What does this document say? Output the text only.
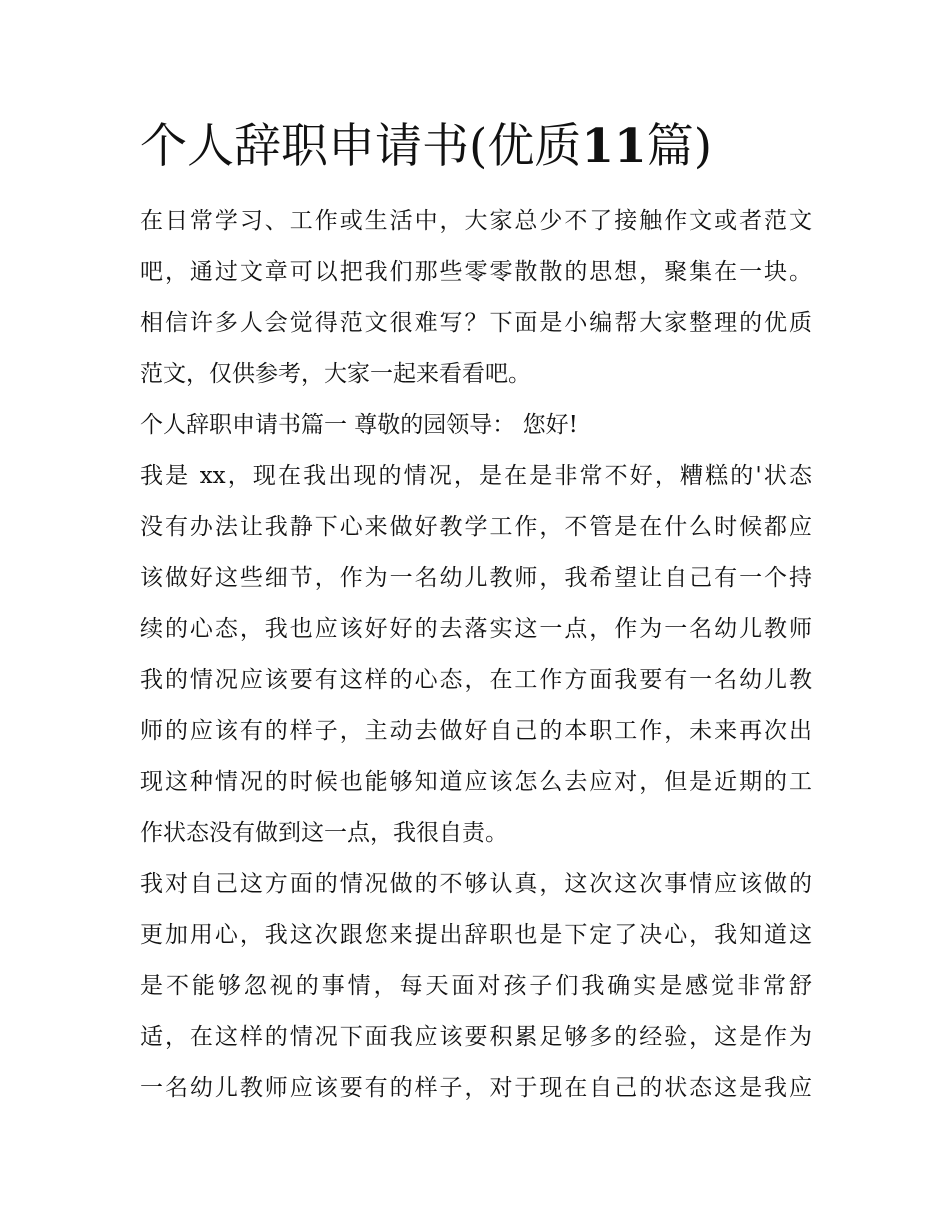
个人辞职申请书(优质11篇)
在日常学习、工作或生活中，大家总少不了接触作文或者范文
吧，通过文章可以把我们那些零零散散的思想，聚集在一块。
相信许多人会觉得范文很难写？下面是小编帮大家整理的优质
范文，仅供参考，大家一起来看看吧。
个人辞职申请书篇一 尊敬的园领导： 您好!
我是 xx，现在我出现的情况，是在是非常不好，糟糕的'状态
没有办法让我静下心来做好教学工作，不管是在什么时候都应
该做好这些细节，作为一名幼儿教师，我希望让自己有一个持
续的心态，我也应该好好的去落实这一点，作为一名幼儿教师
我的情况应该要有这样的心态，在工作方面我要有一名幼儿教
师的应该有的样子，主动去做好自己的本职工作，未来再次出
现这种情况的时候也能够知道应该怎么去应对，但是近期的工
作状态没有做到这一点，我很自责。
我对自己这方面的情况做的不够认真，这次这次事情应该做的
更加用心，我这次跟您来提出辞职也是下定了决心，我知道这
是不能够忽视的事情，每天面对孩子们我确实是感觉非常舒
适，在这样的情况下面我应该要积累足够多的经验，这是作为
一名幼儿教师应该要有的样子，对于现在自己的状态这是我应
